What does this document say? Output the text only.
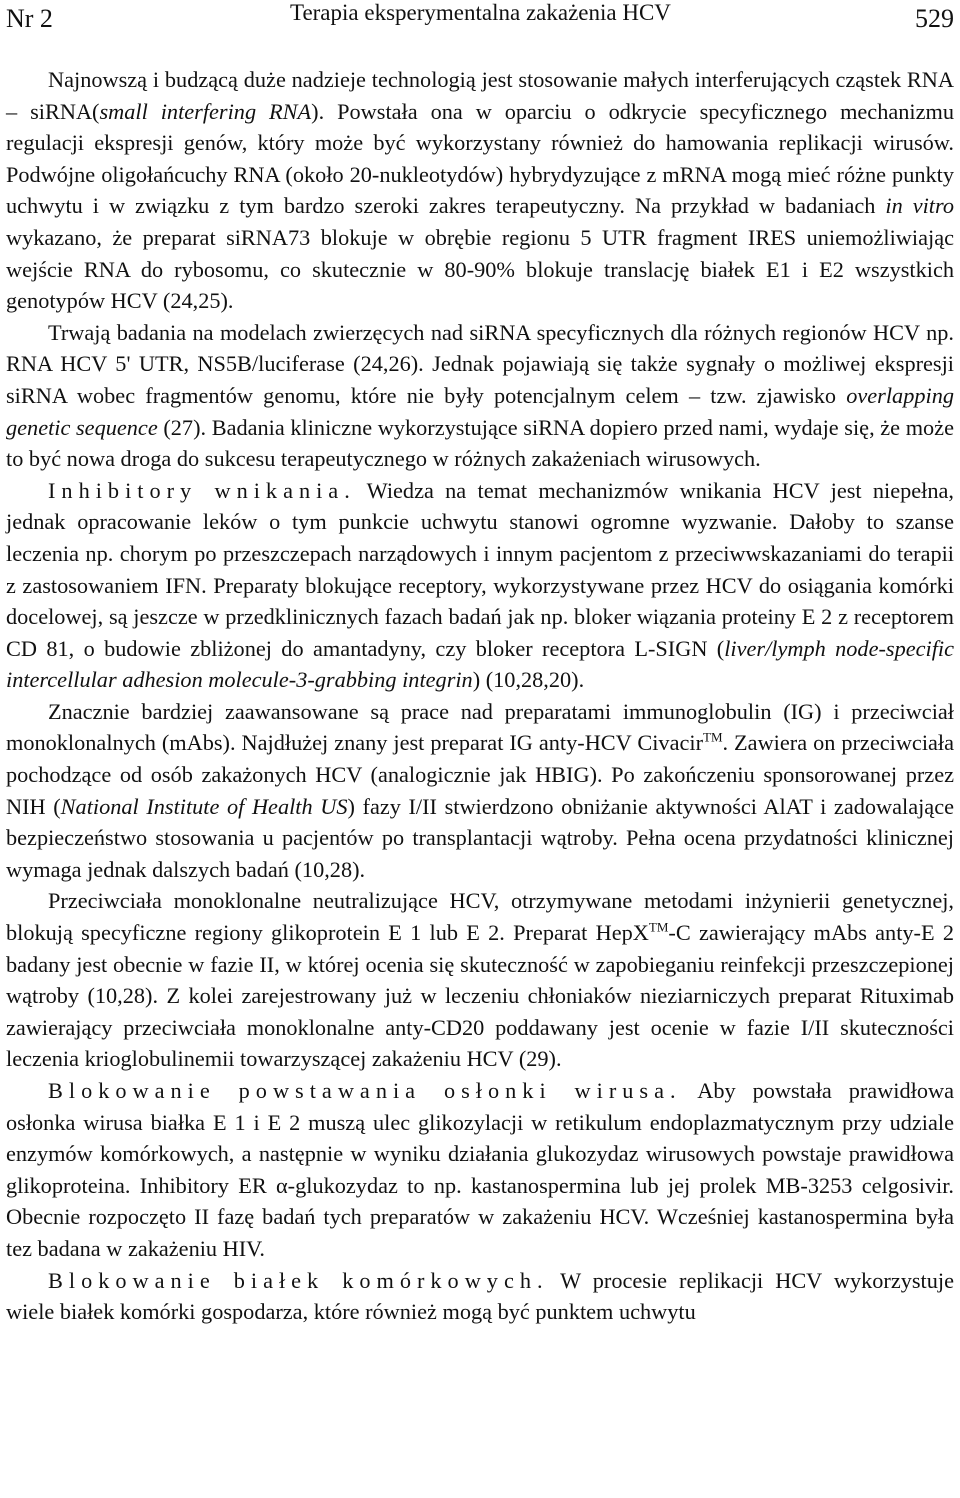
Nr 2	Terapia eksperymentalna zakażenia HCV	529

Najnowszą i budzącą duże nadzieje technologią jest stosowanie małych interferujących cząstek RNA – siRNA(small interfering RNA). Powstała ona w oparciu o odkrycie specyficznego mechanizmu regulacji ekspresji genów, który może być wykorzystany również do hamowania replikacji wirusów. Podwójne oligołańcuchy RNA (około 20-nukleotydów) hybrydyzujące z mRNA mogą mieć różne punkty uchwytu i w związku z tym bardzo szeroki zakres terapeutyczny. Na przykład w badaniach in vitro wykazano, że preparat siRNA73 blokuje w obrębie regionu 5 UTR fragment IRES uniemożliwiając wejście RNA do rybosomu, co skutecznie w 80-90% blokuje translację białek E1 i E2 wszystkich genotypów HCV (24,25).

Trwają badania na modelach zwierzęcych nad siRNA specyficznych dla różnych regionów HCV np. RNA HCV 5' UTR, NS5B/luciferase (24,26). Jednak pojawiają się także sygnały o możliwej ekspresji siRNA wobec fragmentów genomu, które nie były potencjalnym celem – tzw. zjawisko overlapping genetic sequence (27). Badania kliniczne wykorzystujące siRNA dopiero przed nami, wydaje się, że może to być nowa droga do sukcesu terapeutycznego w różnych zakażeniach wirusowych.

Inhibitory wnikania. Wiedza na temat mechanizmów wnikania HCV jest niepełna, jednak opracowanie leków o tym punkcie uchwytu stanowi ogromne wyzwanie. Dałoby to szanse leczenia np. chorym po przeszczepach narządowych i innym pacjentom z przeciwwskazaniami do terapii z zastosowaniem IFN. Preparaty blokujące receptory, wykorzystywane przez HCV do osiągania komórki docelowej, są jeszcze w przedklinicznych fazach badań jak np. bloker wiązania proteiny E 2 z receptorem CD 81, o budowie zbliżonej do amantadyny, czy bloker receptora L-SIGN (liver/lymph node-specific intercellular adhesion molecule-3-grabbing integrin) (10,28,20).

Znacznie bardziej zaawansowane są prace nad preparatami immunoglobulin (IG) i przeciwciał monoklonalnych (mAbs). Najdłużej znany jest preparat IG anty-HCV Civacir™. Zawiera on przeciwciała pochodzące od osób zakażonych HCV (analogicznie jak HBIG). Po zakończeniu sponsorowanej przez NIH (National Institute of Health US) fazy I/II stwierdzono obniżanie aktywności AlAT i zadowalające bezpieczeństwo stosowania u pacjentów po transplantacji wątroby. Pełna ocena przydatności klinicznej wymaga jednak dalszych badań (10,28).

Przeciwciała monoklonalne neutralizujące HCV, otrzymywane metodami inżynierii genetycznej, blokują specyficzne regiony glikoprotein E 1 lub E 2. Preparat HepX™-C zawierający mAbs anty-E 2 badany jest obecnie w fazie II, w której ocenia się skuteczność w zapobieganiu reinfekcji przeszczepionej wątroby (10,28). Z kolei zarejestrowany już w leczeniu chłoniaków nieziarniczych preparat Rituximab zawierający przeciwciała monoklonalne anty-CD20 poddawany jest ocenie w fazie I/II skuteczności leczenia krioglobulinemii towarzyszącej zakażeniu HCV (29).

Blokowanie powstawania osłonki wirusa. Aby powstała prawidłowa osłonka wirusa białka E 1 i E 2 muszą ulec glikozylacji w retikulum endoplazmatycznym przy udziale enzymów komórkowych, a następnie w wyniku działania glukozydaz wirusowych powstaje prawidłowa glikoproteina. Inhibitory ER α-glukozydaz to np. kastanospermina lub jej prolek MB-3253 celgosivir. Obecnie rozpoczęto II fazę badań tych preparatów w zakażeniu HCV. Wcześniej kastanospermina była tez badana w zakażeniu HIV.

Blokowanie białek komórkowych. W procesie replikacji HCV wykorzystuje wiele białek komórki gospodarza, które również mogą być punktem uchwytu
